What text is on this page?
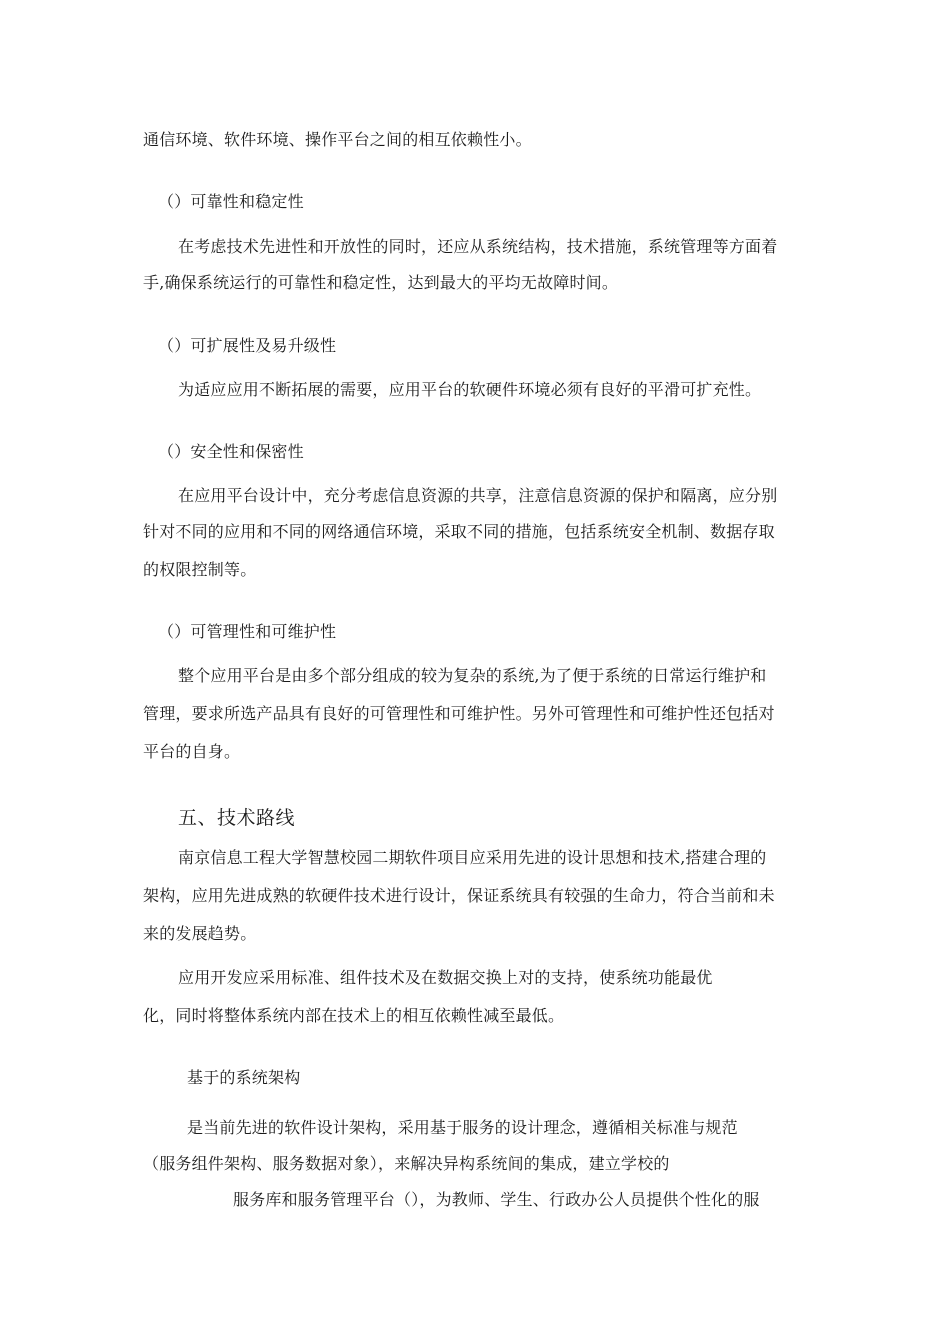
通信环境、软件环境、操作平台之间的相互依赖性小。
（）可靠性和稳定性
在考虑技术先进性和开放性的同时，还应从系统结构，技术措施，系统管理等方面着
手,确保系统运行的可靠性和稳定性，达到最大的平均无故障时间。
（）可扩展性及易升级性
为适应应用不断拓展的需要，应用平台的软硬件环境必须有良好的平滑可扩充性。
（）安全性和保密性
在应用平台设计中，充分考虑信息资源的共享，注意信息资源的保护和隔离，应分别
针对不同的应用和不同的网络通信环境，采取不同的措施，包括系统安全机制、数据存取
的权限控制等。
（）可管理性和可维护性
整个应用平台是由多个部分组成的较为复杂的系统,为了便于系统的日常运行维护和
管理，要求所选产品具有良好的可管理性和可维护性。另外可管理性和可维护性还包括对
平台的自身。
五、技术路线
南京信息工程大学智慧校园二期软件项目应采用先进的设计思想和技术,搭建合理的
架构，应用先进成熟的软硬件技术进行设计，保证系统具有较强的生命力，符合当前和未
来的发展趋势。
应用开发应采用标准、组件技术及在数据交换上对的支持，使系统功能最优
化，同时将整体系统内部在技术上的相互依赖性减至最低。
基于的系统架构
是当前先进的软件设计架构，采用基于服务的设计理念，遵循相关标准与规范
（服务组件架构、服务数据对象），来解决异构系统间的集成，建立学校的
服务库和服务管理平台（），为教师、学生、行政办公人员提供个性化的服
